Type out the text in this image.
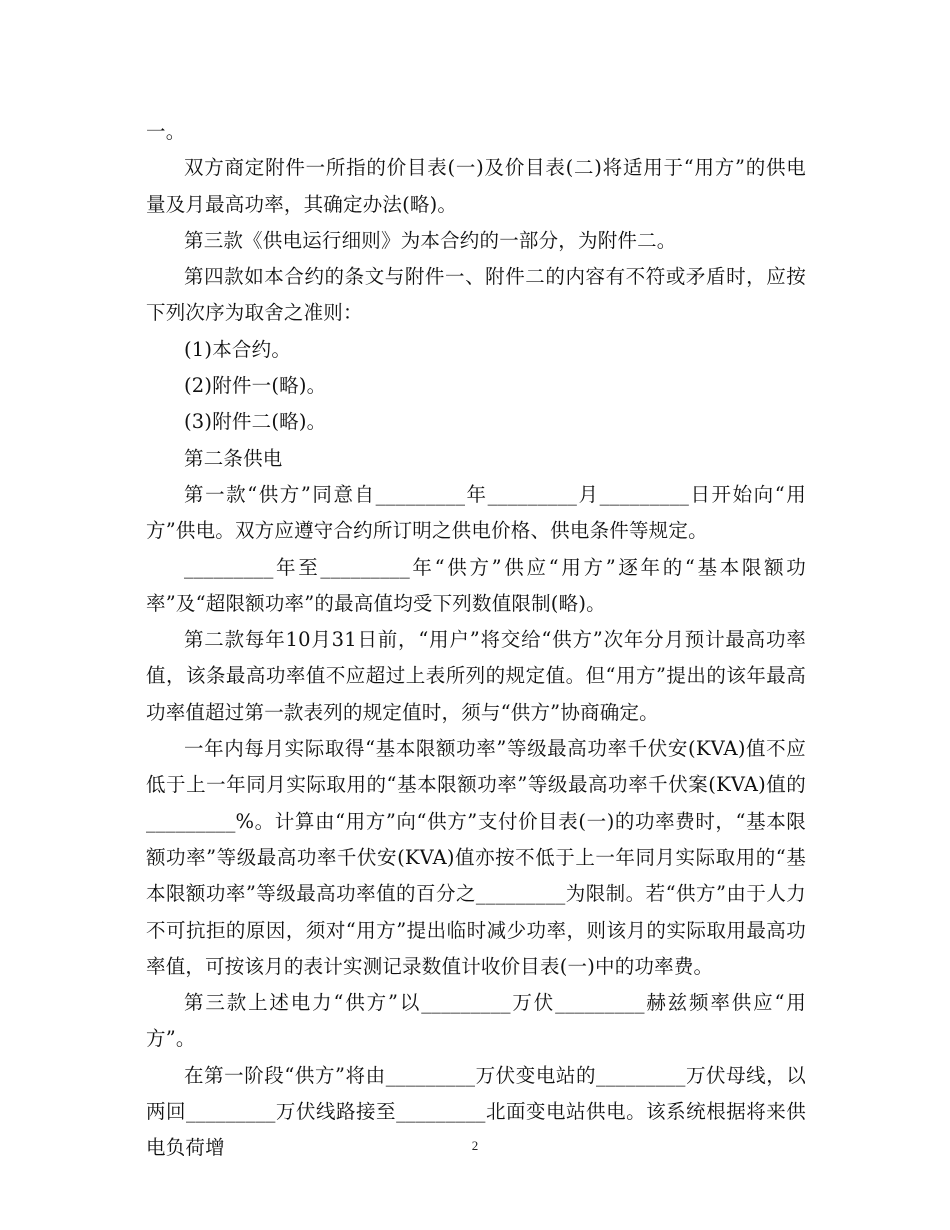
一。

双方商定附件一所指的价目表(一)及价目表(二)将适用于“用方”的供电量及月最高功率，其确定办法(略)。

第三款《供电运行细则》为本合约的一部分，为附件二。

第四款如本合约的条文与附件一、附件二的内容有不符或矛盾时，应按下列次序为取舍之准则：

(1)本合约。

(2)附件一(略)。

(3)附件二(略)。

第二条供电

第一款“供方”同意自_________年_________月_________日开始向“用方”供电。双方应遵守合约所订明之供电价格、供电条件等规定。

_________年至_________年“供方”供应“用方”逐年的“基本限额功率”及“超限额功率”的最高值均受下列数值限制(略)。

第二款每年10月31日前，“用户”将交给“供方”次年分月预计最高功率值，该条最高功率值不应超过上表所列的规定值。但“用方”提出的该年最高功率值超过第一款表列的规定值时，须与“供方”协商确定。

一年内每月实际取得“基本限额功率”等级最高功率千伏安(KVA)值不应低于上一年同月实际取用的“基本限额功率”等级最高功率千伏案(KVA)值的_________%。计算由“用方”向“供方”支付价目表(一)的功率费时，“基本限额功率”等级最高功率千伏安(KVA)值亦按不低于上一年同月实际取用的“基本限额功率”等级最高功率值的百分之_________为限制。若“供方”由于人力不可抗拒的原因，须对“用方”提出临时减少功率，则该月的实际取用最高功率值，可按该月的表计实测记录数值计收价目表(一)中的功率费。

第三款上述电力“供方”以_________万伏_________赫兹频率供应“用方”。

在第一阶段“供方”将由_________万伏变电站的_________万伏母线，以两回_________万伏线路接至_________北面变电站供电。该系统根据将来供电负荷增	2
